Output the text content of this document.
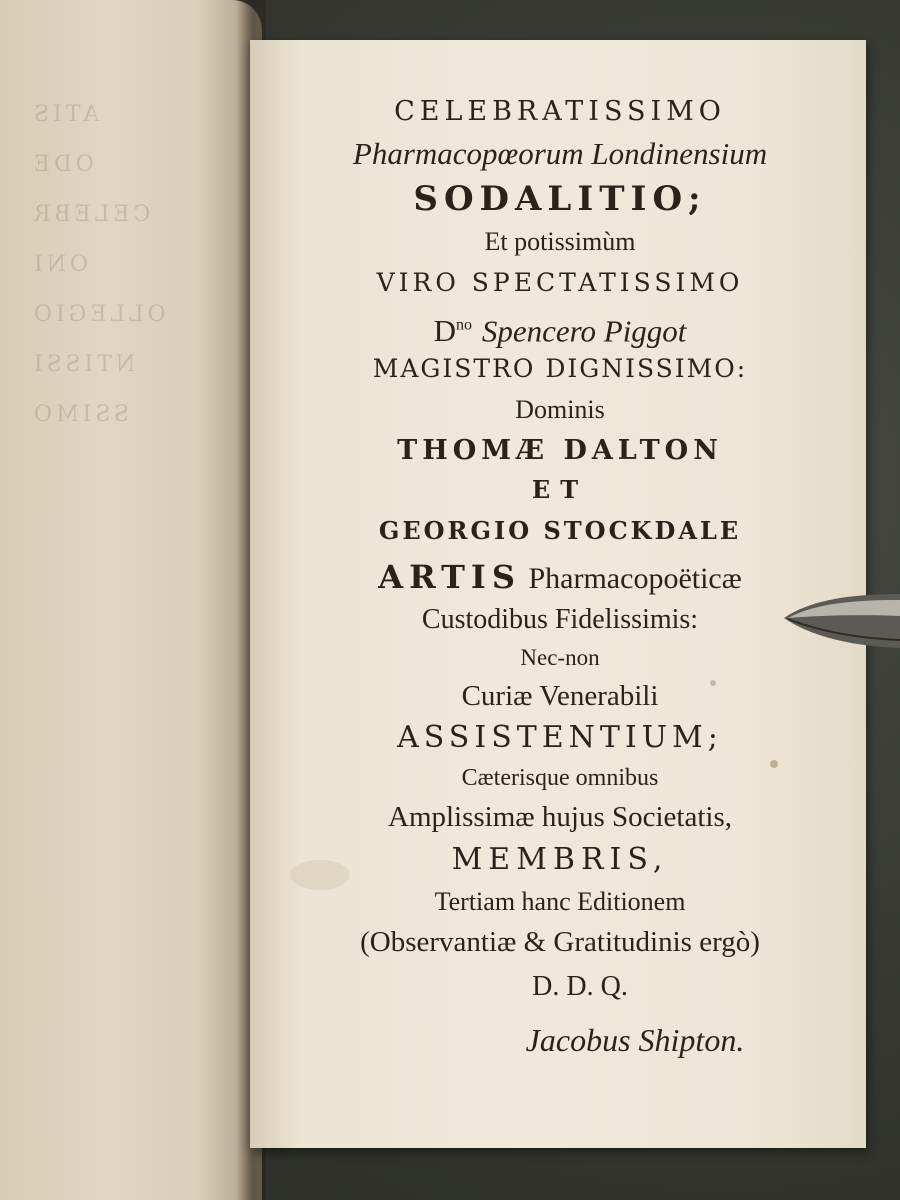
ATIS
ODE
CELEBR
ONI
OLLEGIO
NTISSI
SSIMO
CELEBRATISSIMO
Pharmacopœorum Londinensium
SODALITIO;
Et potissimùm
VIRO SPECTATISSIMO
$D^{no}$ Spencero Piggot
MAGISTRO DIGNISSIMO:
Dominis
THOMÆ DALTON
ET
GEORGIO STOCKDALE
ARTIS Pharmacopoëticæ
Custodibus Fidelissimis:
Nec-non
Curiæ Venerabili
ASSISTENTIUM;
Cæterisque omnibus
Amplissimæ hujus Societatis,
MEMBRIS,
Tertiam hanc Editionem
(Observantiæ & Gratitudinis ergò)
D. D. Q.
Jacobus Shipton.
